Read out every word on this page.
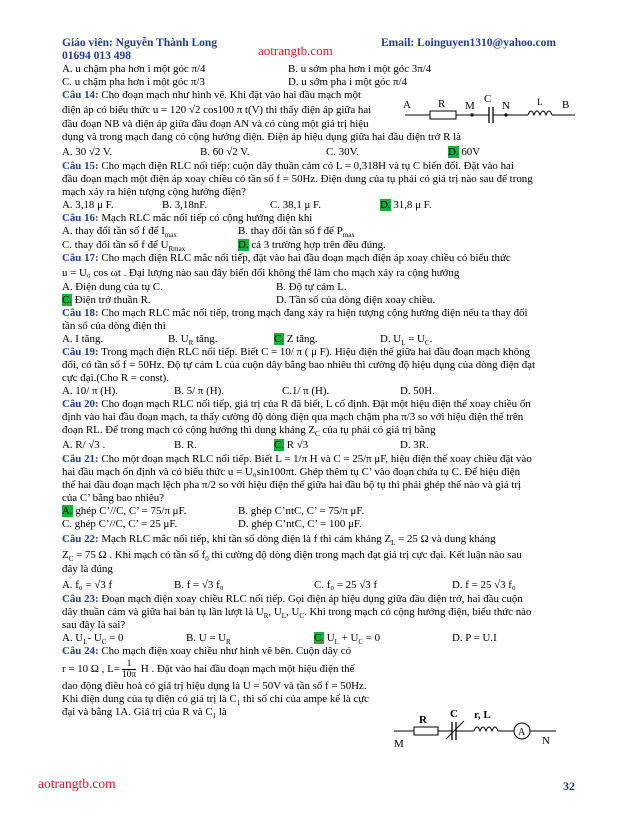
Giáo viên: Nguyễn Thành Long
01694 013 498	aotrangtb.com	Email: Loinguyen1310@yahoo.com
A. u chậm pha hơn i một góc π/4	B. u sớm pha hơn i một góc 3π/4
C. u chậm pha hơn i một góc π/3	D. u sớm pha i một góc π/4
Câu 14: Cho đoạn mạch như hình vẽ. Khi đặt vào hai đầu mạch một
điện áp có biểu thức u = 120 √2 cos100 π t(V) thì thấy điện áp giữa hai
đầu đoạn NB và điện áp giữa đầu đoạn AN và có cùng một giá trị hiệu
dụng và trong mạch đang có cộng hưởng điện. Điện áp hiệu dụng giữa hai đầu điện trở R là
A. 30 √2 V.	B. 60 √2 V.	C. 30V.	D. 60V
Câu 15: Cho mạch điện RLC nối tiếp: cuộn dây thuần cảm có L = 0,318H và tụ C biến đổi. Đặt vào hai
đầu đoạn mạch một điện áp xoay chiều có tần số f = 50Hz. Điện dung của tụ phải có giá trị nào sau để trong
mạch xảy ra hiện tượng cộng hưởng điện?
A. 3,18 μ F.	B. 3,18nF.	C. 38,1 μ F.	D. 31,8 μ F.
Câu 16: Mạch RLC mắc nối tiếp có cộng hưởng điện khi
A. thay đổi tần số f để $I_{max}$	B. thay đổi tần số f để $P_{max}$
C. thay đổi tần số f để $U_{Rmax}$	D. cả 3 trường hợp trên đều đúng.
Câu 17: Cho mạch điện RLC mắc nối tiếp, đặt vào hai đầu đoạn mạch điện áp xoay chiều có biểu thức
u = U₀ cos ωt . Đại lượng nào sau đây biến đổi không thể làm cho mạch xảy ra cộng hưởng
A. Điện dung của tụ C.	B. Độ tự cảm L.
C. Điện trở thuần R.	D. Tần số của dòng điện xoay chiều.
Câu 18: Cho mạch RLC mắc nối tiếp, trong mạch đang xảy ra hiện tượng cộng hưởng điện nếu ta thay đổi
tần số của dòng điện thì
A. I tăng.	B. $U_R$ tăng.	C. Z tăng.	D. $U_L = U_C$.
Câu 19: Trong mạch điện RLC nối tiếp. Biết C = 10/ π ( μ F). Hiệu điện thế giữa hai đầu đoạn mạch không
đổi, có tần số f = 50Hz. Độ tự cảm L của cuộn dây bằng bao nhiêu thì cường độ hiệu dụng của dòng điện đạt
cực đại.(Cho R = const).
A. 10/ π (H).	B. 5/ π (H).	C.1/ π (H).	D. 50H.
Câu 20: Cho đoạn mạch RLC nối tiếp, giá trị của R đã biết, L cố định. Đặt một hiệu điện thế xoay chiều ổn
định vào hai đầu đoạn mạch, ta thấy cường độ dòng điện qua mạch chậm pha π/3 so với hiệu điện thế trên
đoạn RL. Để trong mạch có cộng hưởng thì dung kháng $Z_C$ của tụ phải có giá trị bằng
A. R/ √3 .	B. R.	C. R √3	D. 3R.
Câu 21: Cho một đoạn mạch RLC nối tiếp. Biết L = 1/π H và C = 25/π μF, hiệu điện thế xoay chiều đặt vào
hai đầu mạch ổn định và có biểu thức u = U₀sin100πt. Ghép thêm tụ C’ vào đoạn chứa tụ C. Để hiệu điện
thế hai đầu đoạn mạch lệch pha π/2 so với hiệu điện thế giữa hai đầu bộ tụ thì phải ghép thế nào và giá trị
của C’ bằng bao nhiêu?
A. ghép C’//C, C’ = 75/π μF.	B. ghép C’ntC, C’ = 75/π μF.
C. ghép C’//C, C’ = 25 μF.	D. ghép C’ntC, C’ = 100 μF.
Câu 22: Mạch RLC mắc nối tiếp, khi tần số dòng điện là f thì cảm kháng $Z_L = 25$ Ω và dung kháng
$Z_C = 75$ Ω . Khi mạch có tần số $f_0$ thì cường độ dòng điện trong mạch đạt giá trị cực đại. Kết luận nào sau
đây là đúng
A. f₀ = √3 f	B. f = √3 f₀	C. f₀ = 25 √3 f	D. f = 25 √3 f₀
Câu 23: Đoạn mạch điện xoay chiều RLC nối tiếp. Gọi điện áp hiệu dụng giữa đầu điện trở, hai đầu cuộn
dây thuần cảm và giữa hai bản tụ lần lượt là $U_R$, $U_L$, $U_C$. Khi trong mạch có cộng hưởng điện, biểu thức nào
sau đây là sai?
A. $U_L-$ $U_C = 0$	B. $U = U_R$	C. $U_L + U_C = 0$	D. P = U.I
Câu 24: Cho mạch điện xoay chiều như hình vẽ bên. Cuộn dây có
r = 10 Ω , $L= \frac{1}{10\pi}$ H . Đặt vào hai đầu đoạn mạch một hiệu điện thế
dao động điều hoà có giá trị hiệu dụng là U = 50V và tần số f = 50Hz.
Khi điện dung của tụ điện có giá trị là $C_1$ thì số chỉ của ampe kế là cực
đại và bằng 1A. Giá trị của R và $C_1$ là
A R M
C
N	L B
R C r, L
A
M	N
aotrangtb.com	32
